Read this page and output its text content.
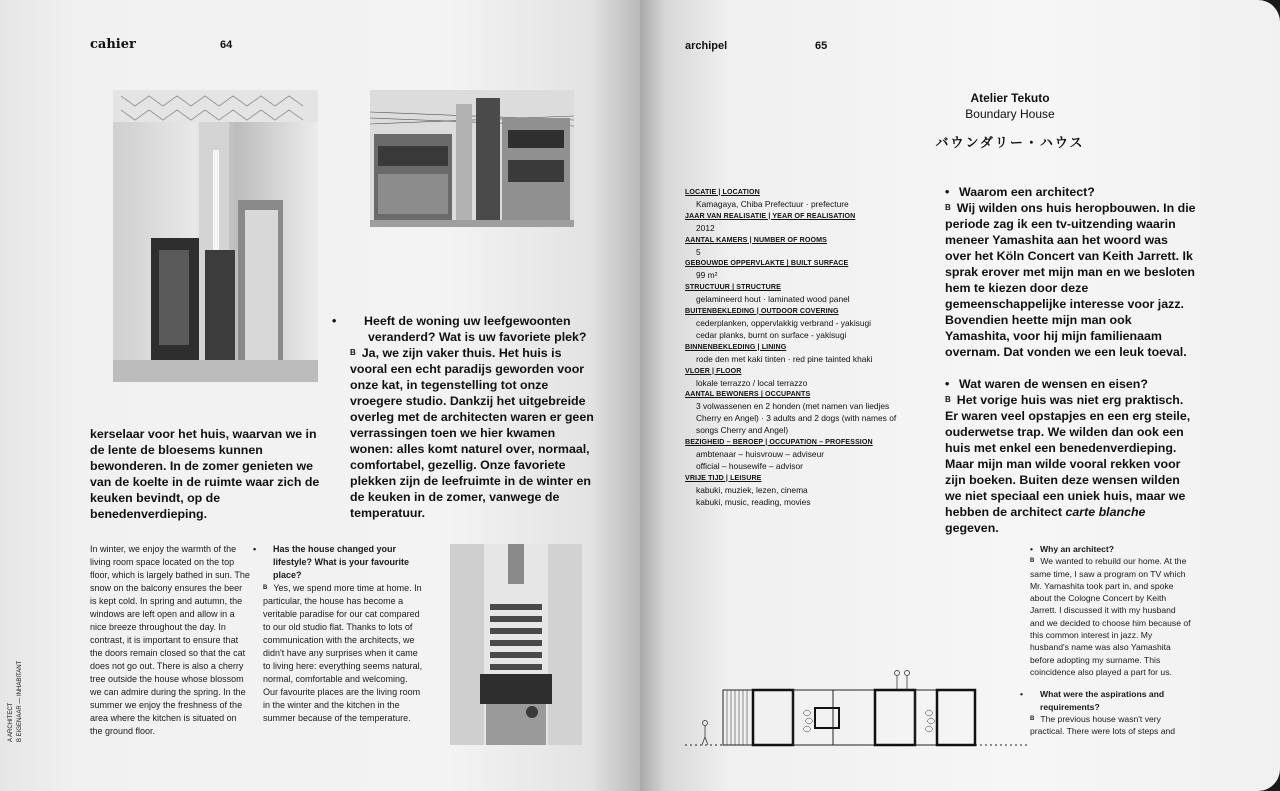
cahier	64

kerselaar voor het huis, waarvan we in de lente de bloesems kunnen bewonderen. In de zomer genieten we van de koelte in de ruimte waar zich de keuken bevindt, op de benedenverdieping.

• Heeft de woning uw leefgewoonten veranderd? Wat is uw favoriete plek?

B Ja, we zijn vaker thuis. Het huis is vooral een echt paradijs geworden voor onze kat, in tegenstelling tot onze vroegere studio. Dankzij het uitgebreide overleg met de architecten waren er geen verrassingen toen we hier kwamen wonen: alles komt naturel over, normaal, comfortabel, gezellig. Onze favoriete plekken zijn de leefruimte in de winter en de keuken in de zomer, vanwege de temperatuur.

In winter, we enjoy the warmth of the living room space located on the top floor, which is largely bathed in sun. The snow on the balcony ensures the beer is kept cold. In spring and autumn, the windows are left open and allow in a nice breeze throughout the day. In contrast, it is important to ensure that the doors remain closed so that the cat does not go out. There is also a cherry tree outside the house whose blossom we can admire during the spring. In the summer we enjoy the freshness of the area where the kitchen is situated on the ground floor.

• Has the house changed your lifestyle? What is your favourite place?

$^B$ Yes, we spend more time at home. In particular, the house has become a veritable paradise for our cat compared to our old studio flat. Thanks to lots of communication with the architects, we didn't have any surprises when it came to living here: everything seems natural, normal, comfortable and welcoming. Our favourite places are the living room in the winter and the kitchen in the summer because of the temperature.

A ARCHITECT B EIGENAAR — INHABITANT
archipel	65
Atelier Tekuto
Boundary House
バウンダリー・ハウス
LOCATIE | LOCATION
Kamagaya, Chiba Prefectuur · prefecture
JAAR VAN REALISATIE | YEAR OF REALISATION
2012
AANTAL KAMERS | NUMBER OF ROOMS
5
GEBOUWDE OPPERVLAKTE | BUILT SURFACE
99 m²
STRUCTUUR | STRUCTURE
gelamineerd hout · laminated wood panel
BUITENBEKLEDING | OUTDOOR COVERING
cederplanken, oppervlakkig verbrand - yakisugi
cedar planks, burnt on surface - yakisugi
BINNENBEKLEDING | LINING
rode den met kaki tinten · red pine tainted khaki
VLOER | FLOOR
lokale terrazzo / local terrazzo
AANTAL BEWONERS | OCCUPANTS
3 volwassenen en 2 honden (met namen van liedjes Cherry en Angel) · 3 adults and 2 dogs (with names of songs Cherry and Angel)
BEZIGHEID – BEROEP | OCCUPATION – PROFESSION
ambtenaar – huisvrouw – adviseur
official – housewife – advisor
VRIJE TIJD | LEISURE
kabuki, muziek, lezen, cinema
kabuki, music, reading, movies

• Waarom een architect?

B Wij wilden ons huis heropbouwen. In die periode zag ik een tv-uitzending waarin meneer Yamashita aan het woord was over het Köln Concert van Keith Jarrett. Ik sprak erover met mijn man en we besloten hem te kiezen door deze gemeenschappelijke interesse voor jazz. Bovendien heette mijn man ook Yamashita, voor hij mijn familienaam overnam. Dat vonden we een leuk toeval.

• Wat waren de wensen en eisen?

B Het vorige huis was niet erg praktisch. Er waren veel opstapjes en een erg steile, ouderwetse trap. We wilden dan ook een huis met enkel een benedenverdieping. Maar mijn man wilde vooral rekken voor zijn boeken. Buiten deze wensen wilden we niet speciaal een uniek huis, maar we hebben de architect carte blanche gegeven.

• Why an architect?

$^B$ We wanted to rebuild our home. At the same time, I saw a program on TV which Mr. Yamashita took part in, and spoke about the Cologne Concert by Keith Jarrett. I discussed it with my husband and we decided to choose him because of this common interest in jazz. My husband's name was also Yamashita before adopting my surname. This coincidence also played a part for us.

• What were the aspirations and requirements?

$^B$ The previous house wasn't very practical. There were lots of steps and
